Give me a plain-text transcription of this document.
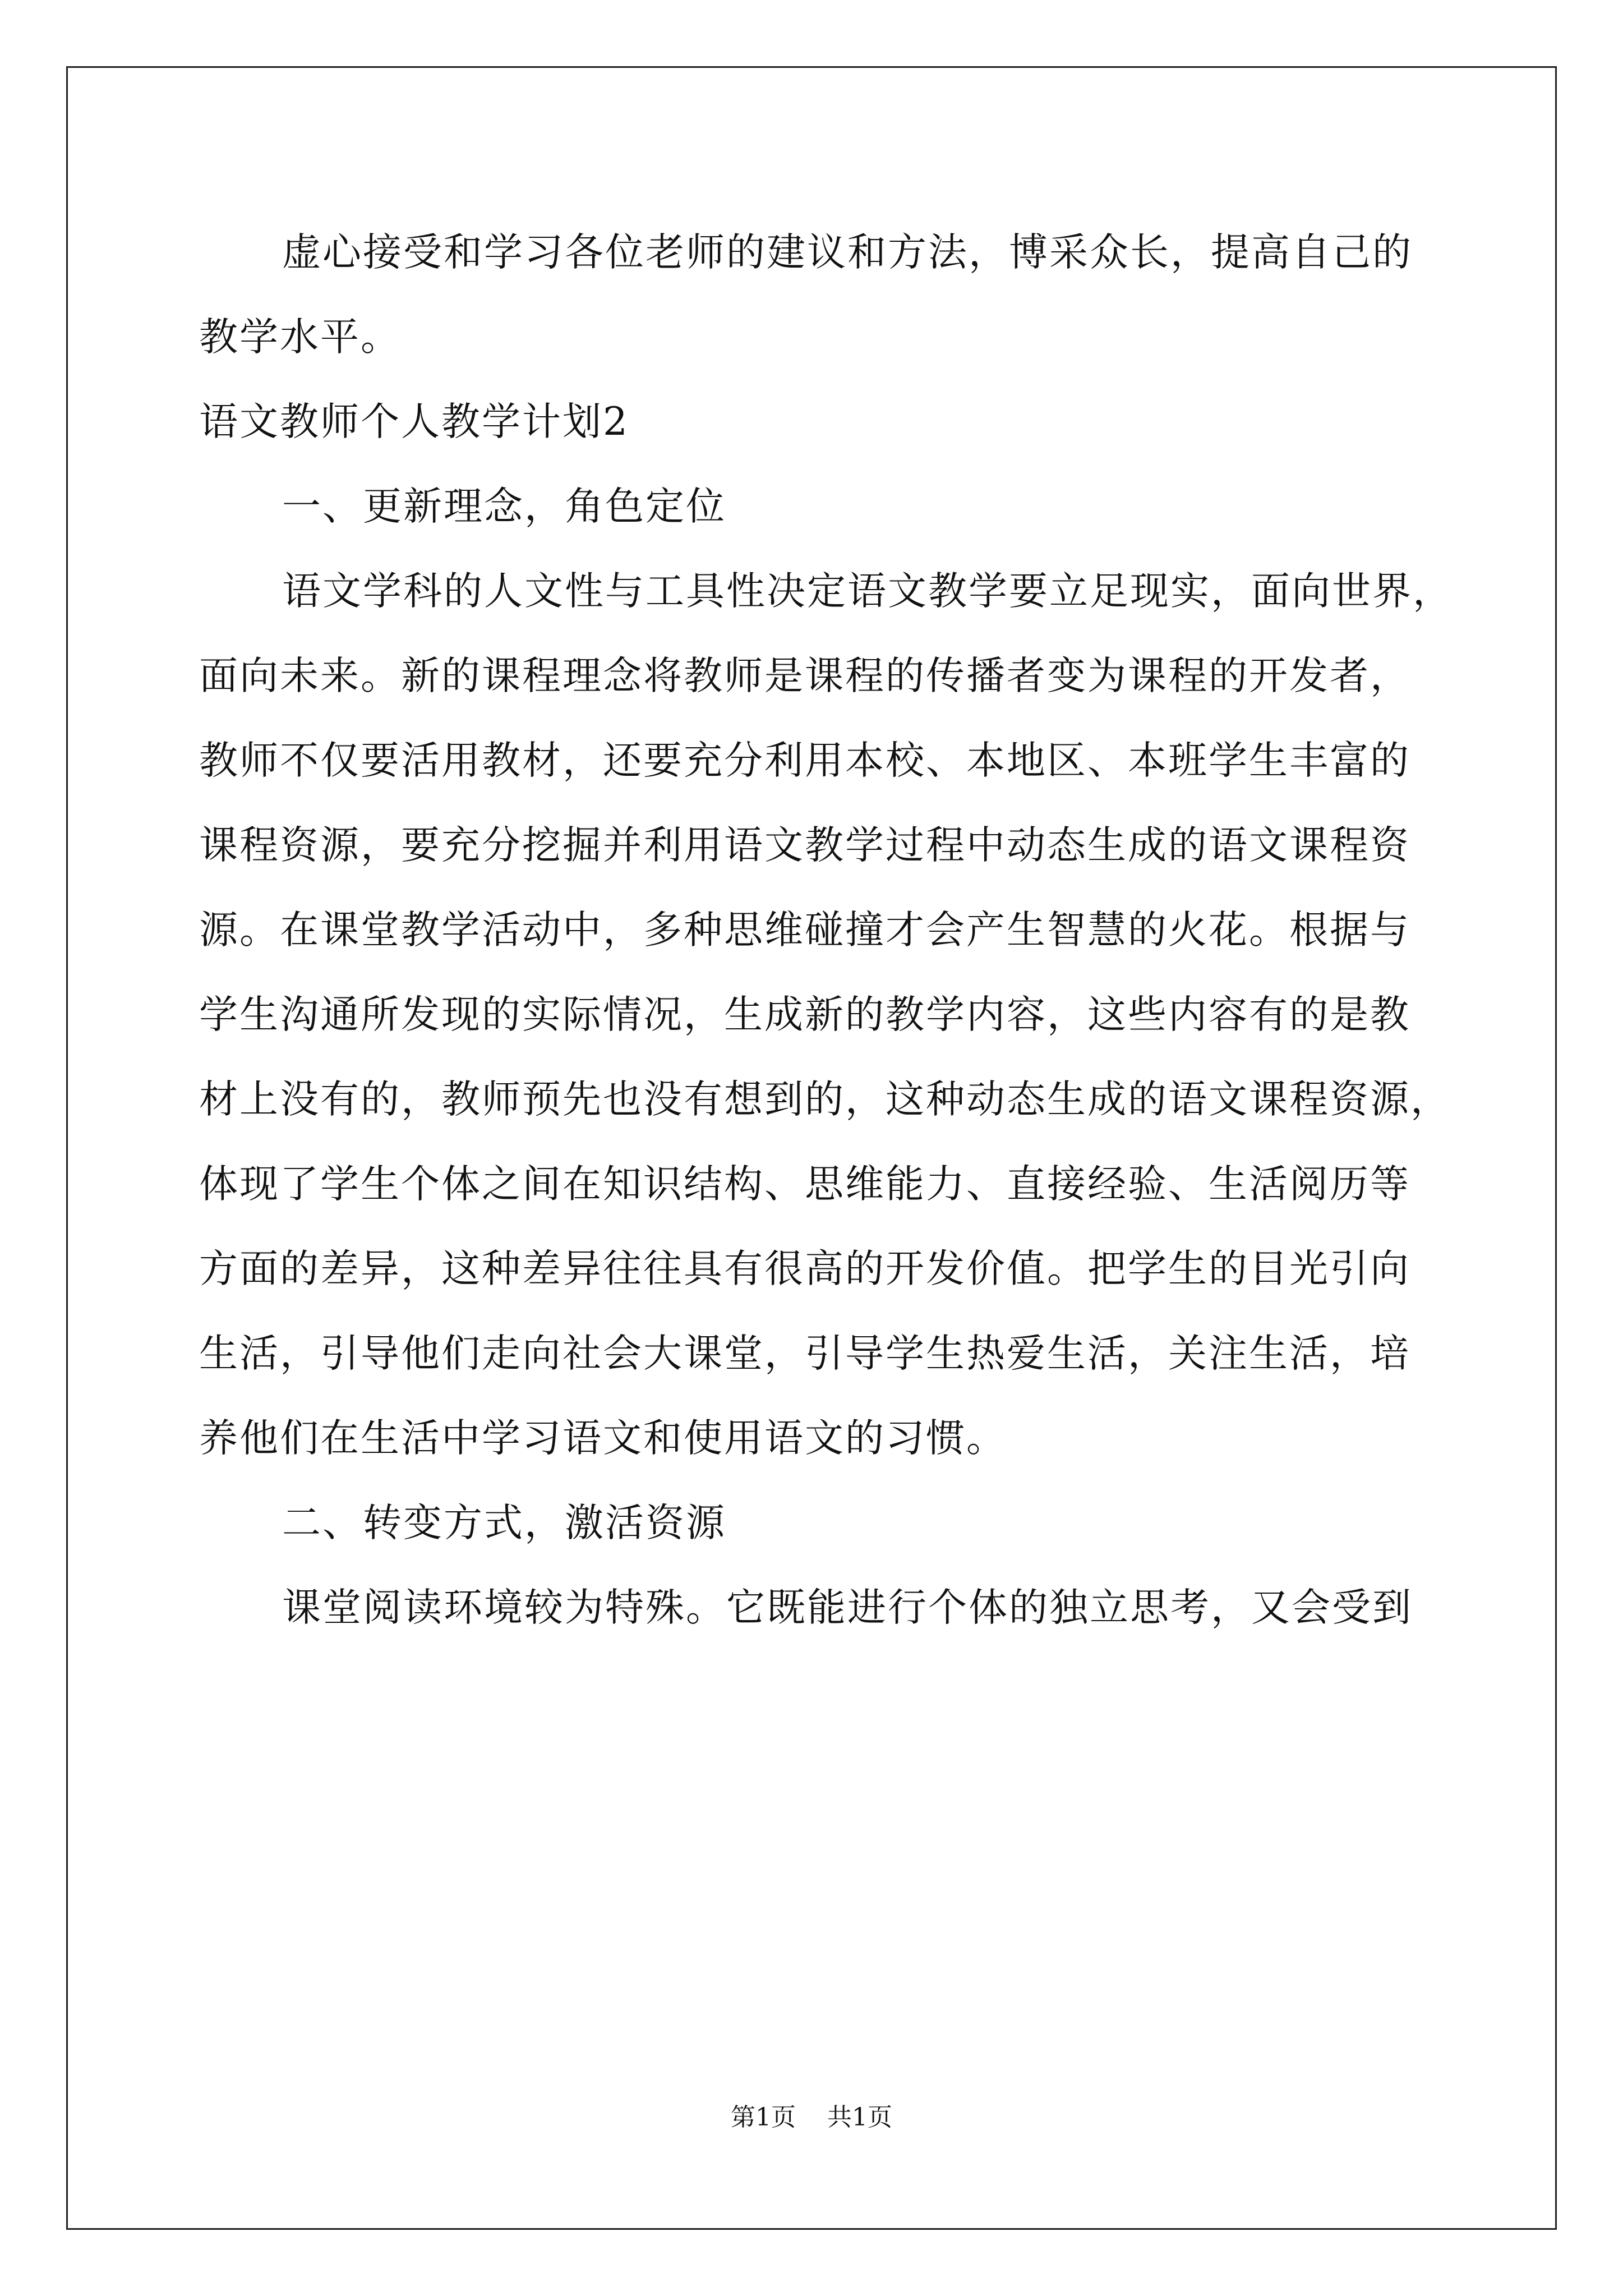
虚心接受和学习各位老师的建议和方法，博采众长，提高自己的
教学水平。
语文教师个人教学计划2
一、更新理念，角色定位
语文学科的人文性与工具性决定语文教学要立足现实，面向世界，
面向未来。新的课程理念将教师是课程的传播者变为课程的开发者，
教师不仅要活用教材，还要充分利用本校、本地区、本班学生丰富的
课程资源，要充分挖掘并利用语文教学过程中动态生成的语文课程资
源。在课堂教学活动中，多种思维碰撞才会产生智慧的火花。根据与
学生沟通所发现的实际情况，生成新的教学内容，这些内容有的是教
材上没有的，教师预先也没有想到的，这种动态生成的语文课程资源，
体现了学生个体之间在知识结构、思维能力、直接经验、生活阅历等
方面的差异，这种差异往往具有很高的开发价值。把学生的目光引向
生活，引导他们走向社会大课堂，引导学生热爱生活，关注生活，培
养他们在生活中学习语文和使用语文的习惯。
二、转变方式，激活资源
课堂阅读环境较为特殊。它既能进行个体的独立思考，又会受到
第1页 共1页
